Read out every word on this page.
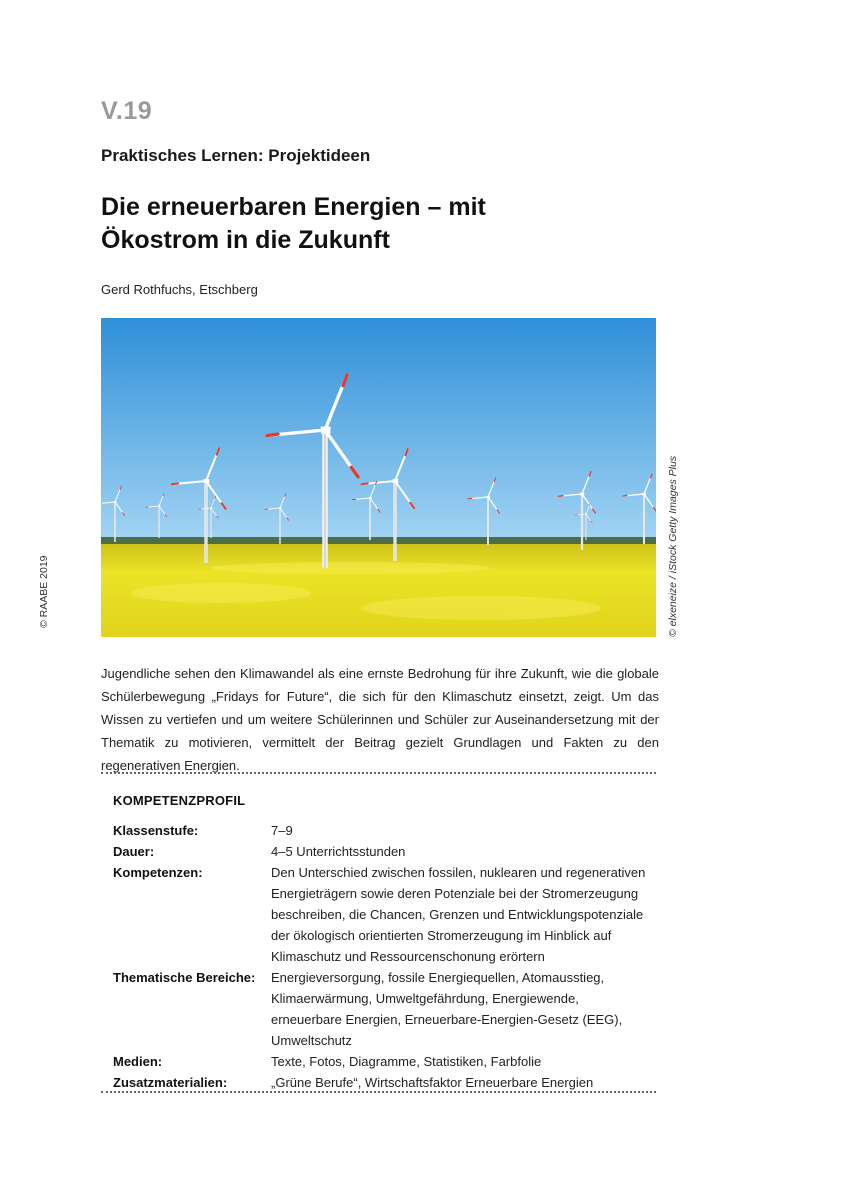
V.19
Praktisches Lernen: Projektideen
Die erneuerbaren Energien – mit
Ökostrom in die Zukunft
Gerd Rothfuchs, Etschberg
© elxeneize / iStock Getty Images Plus
© RAABE 2019

Jugendliche sehen den Klimawandel als eine ernste Bedrohung für ihre Zukunft, wie die globale Schülerbewegung „Fridays for Future“, die sich für den Klimaschutz einsetzt, zeigt. Um das Wissen zu vertiefen und um weitere Schülerinnen und Schüler zur Auseinandersetzung mit der Thematik zu motivieren, vermittelt der Beitrag gezielt Grundlagen und Fakten zu den regenerativen Energien.

KOMPETENZPROFIL
Klassenstufe:	7–9
Dauer:	4–5 Unterrichtsstunden
Kompetenzen:	Den Unterschied zwischen fossilen, nuklearen und regenerativen Energieträgern sowie deren Potenziale bei der Stromerzeugung beschreiben, die Chancen, Grenzen und Entwicklungspotenziale der ökologisch orientierten Stromerzeugung im Hinblick auf Klimaschutz und Ressourcenschonung erörtern
Thematische Bereiche:	Energieversorgung, fossile Energiequellen, Atomausstieg, Klimaerwärmung, Umweltgefährdung, Energiewende, erneuerbare Energien, Erneuerbare-Energien-Gesetz (EEG), Umweltschutz
Medien:	Texte, Fotos, Diagramme, Statistiken, Farbfolie
Zusatzmaterialien:	„Grüne Berufe“, Wirtschaftsfaktor Erneuerbare Energien
